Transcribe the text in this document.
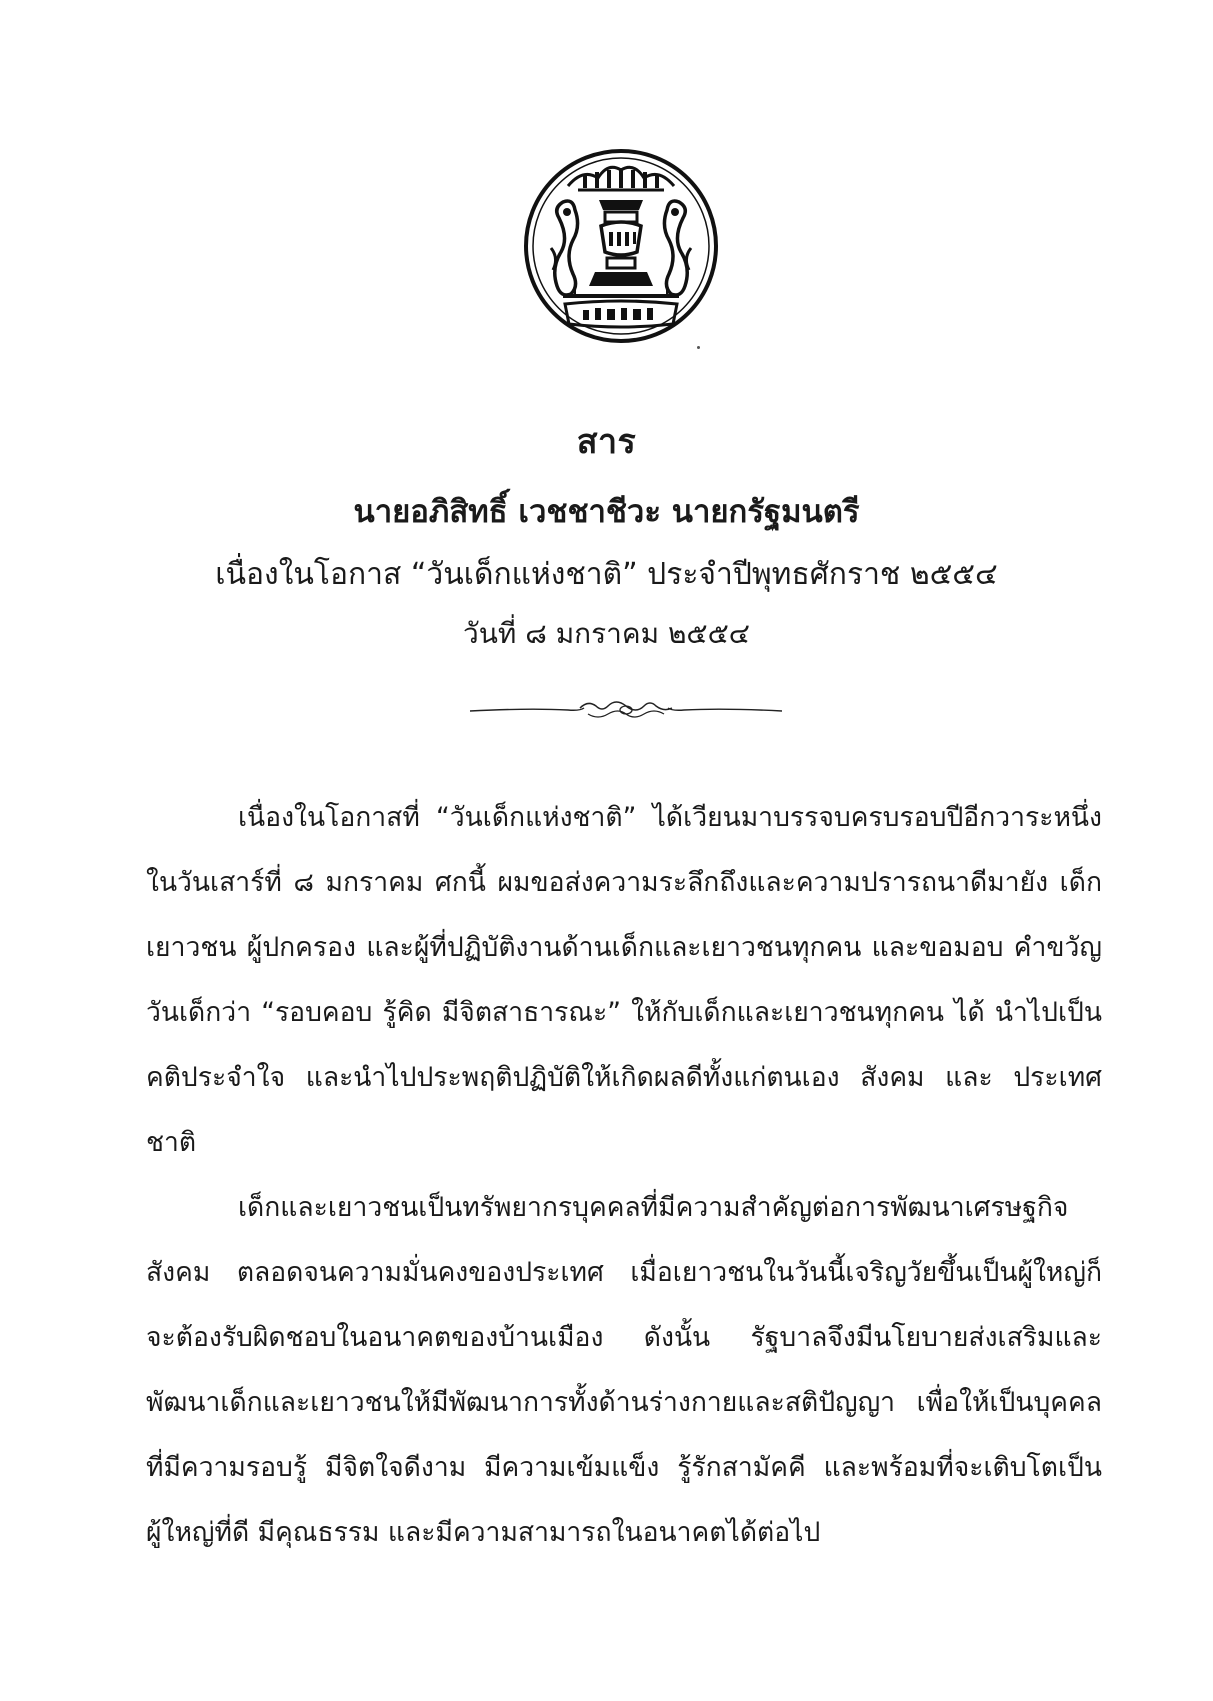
สาร
นายอภิสิทธิ์ เวชชาชีวะ นายกรัฐมนตรี
เนื่องในโอกาส “วันเด็กแห่งชาติ” ประจำปีพุทธศักราช ๒๕๕๔
วันที่ ๘ มกราคม ๒๕๕๔

เนื่องในโอกาสที่ “วันเด็กแห่งชาติ” ได้เวียนมาบรรจบครบรอบปีอีกวาระหนึ่ง ในวันเสาร์ที่ ๘ มกราคม ศกนี้ ผมขอส่งความระลึกถึงและความปรารถนาดีมายัง เด็ก เยาวชน ผู้ปกครอง และผู้ที่ปฏิบัติงานด้านเด็กและเยาวชนทุกคน และขอมอบ คำขวัญวันเด็กว่า “รอบคอบ รู้คิด มีจิตสาธารณะ” ให้กับเด็กและเยาวชนทุกคน ได้ นำไปเป็นคติประจำใจ และนำไปประพฤติปฏิบัติให้เกิดผลดีทั้งแก่ตนเอง สังคม และ ประเทศชาติ

เด็กและเยาวชนเป็นทรัพยากรบุคคลที่มีความสำคัญต่อการพัฒนาเศรษฐกิจ สังคม ตลอดจนความมั่นคงของประเทศ เมื่อเยาวชนในวันนี้เจริญวัยขึ้นเป็นผู้ใหญ่ก็ จะต้องรับผิดชอบในอนาคตของบ้านเมือง ดังนั้น รัฐบาลจึงมีนโยบายส่งเสริมและ พัฒนาเด็กและเยาวชนให้มีพัฒนาการทั้งด้านร่างกายและสติปัญญา เพื่อให้เป็นบุคคล ที่มีความรอบรู้ มีจิตใจดีงาม มีความเข้มแข็ง รู้รักสามัคคี และพร้อมที่จะเติบโตเป็น ผู้ใหญ่ที่ดี มีคุณธรรม และมีความสามารถในอนาคตได้ต่อไป
